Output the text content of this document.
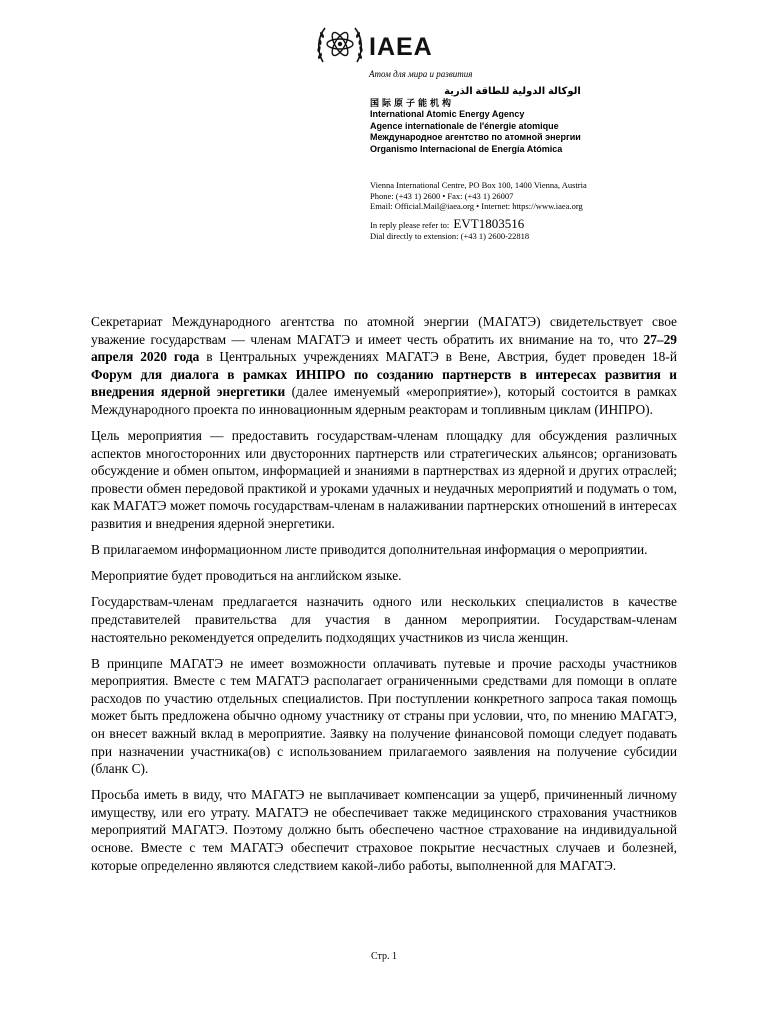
IAEA
Атом для мира и развития
الوكالة الدولية للطاقة الذرية
国际原子能机构
International Atomic Energy Agency
Agence internationale de l'énergie atomique
Международное агентство по атомной энергии
Organismo Internacional de Energía Atómica
Vienna International Centre, PO Box 100, 1400 Vienna, Austria
Phone: (+43 1) 2600 • Fax: (+43 1) 26007
Email: Official.Mail@iaea.org • Internet: https://www.iaea.org
In reply please refer to: EVT1803516
Dial directly to extension: (+43 1) 2600-22818

Секретариат Международного агентства по атомной энергии (МАГАТЭ) свидетельствует свое уважение государствам — членам МАГАТЭ и имеет честь обратить их внимание на то, что 27–29 апреля 2020 года в Центральных учреждениях МАГАТЭ в Вене, Австрия, будет проведен 18-й Форум для диалога в рамках ИНПРО по созданию партнерств в интересах развития и внедрения ядерной энергетики (далее именуемый «мероприятие»), который состоится в рамках Международного проекта по инновационным ядерным реакторам и топливным циклам (ИНПРО).

Цель мероприятия — предоставить государствам-членам площадку для обсуждения различных аспектов многосторонних или двусторонних партнерств или стратегических альянсов; организовать обсуждение и обмен опытом, информацией и знаниями в партнерствах из ядерной и других отраслей; провести обмен передовой практикой и уроками удачных и неудачных мероприятий и подумать о том, как МАГАТЭ может помочь государствам-членам в налаживании партнерских отношений в интересах развития и внедрения ядерной энергетики.

В прилагаемом информационном листе приводится дополнительная информация о мероприятии.

Мероприятие будет проводиться на английском языке.

Государствам-членам предлагается назначить одного или нескольких специалистов в качестве представителей правительства для участия в данном мероприятии. Государствам-членам настоятельно рекомендуется определить подходящих участников из числа женщин.

В принципе МАГАТЭ не имеет возможности оплачивать путевые и прочие расходы участников мероприятия. Вместе с тем МАГАТЭ располагает ограниченными средствами для помощи в оплате расходов по участию отдельных специалистов. При поступлении конкретного запроса такая помощь может быть предложена обычно одному участнику от страны при условии, что, по мнению МАГАТЭ, он внесет важный вклад в мероприятие. Заявку на получение финансовой помощи следует подавать при назначении участника(ов) с использованием прилагаемого заявления на получение субсидии (бланк С).

Просьба иметь в виду, что МАГАТЭ не выплачивает компенсации за ущерб, причиненный личному имуществу, или его утрату. МАГАТЭ не обеспечивает также медицинского страхования участников мероприятий МАГАТЭ. Поэтому должно быть обеспечено частное страхование на индивидуальной основе. Вместе с тем МАГАТЭ обеспечит страховое покрытие несчастных случаев и болезней, которые определенно являются следствием какой-либо работы, выполненной для МАГАТЭ.

Стр. 1
